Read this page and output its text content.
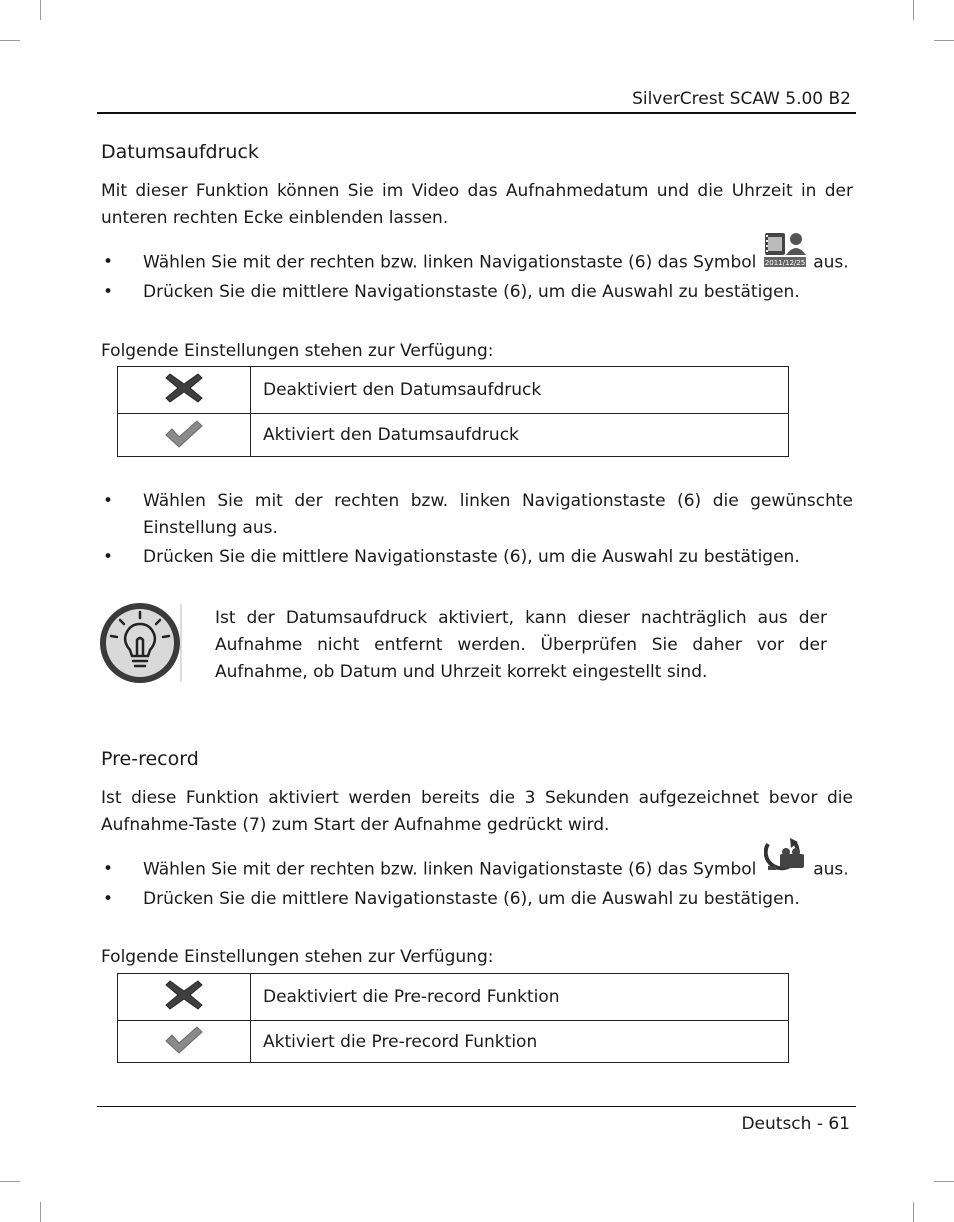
SilverCrest SCAW 5.00 B2
Datumsaufdruck
Mit dieser Funktion können Sie im Video das Aufnahmedatum und die Uhrzeit in der unteren rechten Ecke einblenden lassen.
• Wählen Sie mit der rechten bzw. linken Navigationstaste (6) das Symbol 2011/12/25 aus.
• Drücken Sie die mittlere Navigationstaste (6), um die Auswahl zu bestätigen.
Folgende Einstellungen stehen zur Verfügung:
	Deaktiviert den Datumsaufdruck
	Aktiviert den Datumsaufdruck
• Wählen Sie mit der rechten bzw. linken Navigationstaste (6) die gewünschte Einstellung aus.
• Drücken Sie die mittlere Navigationstaste (6), um die Auswahl zu bestätigen.
Ist der Datumsaufdruck aktiviert, kann dieser nachträglich aus der Aufnahme nicht entfernt werden. Überprüfen Sie daher vor der Aufnahme, ob Datum und Uhrzeit korrekt eingestellt sind.
Pre-record
Ist diese Funktion aktiviert werden bereits die 3 Sekunden aufgezeichnet bevor die Aufnahme-Taste (7) zum Start der Aufnahme gedrückt wird.
• Wählen Sie mit der rechten bzw. linken Navigationstaste (6) das Symbol	aus.
• Drücken Sie die mittlere Navigationstaste (6), um die Auswahl zu bestätigen.
Folgende Einstellungen stehen zur Verfügung:
	Deaktiviert die Pre-record Funktion
	Aktiviert die Pre-record Funktion
Deutsch - 61
